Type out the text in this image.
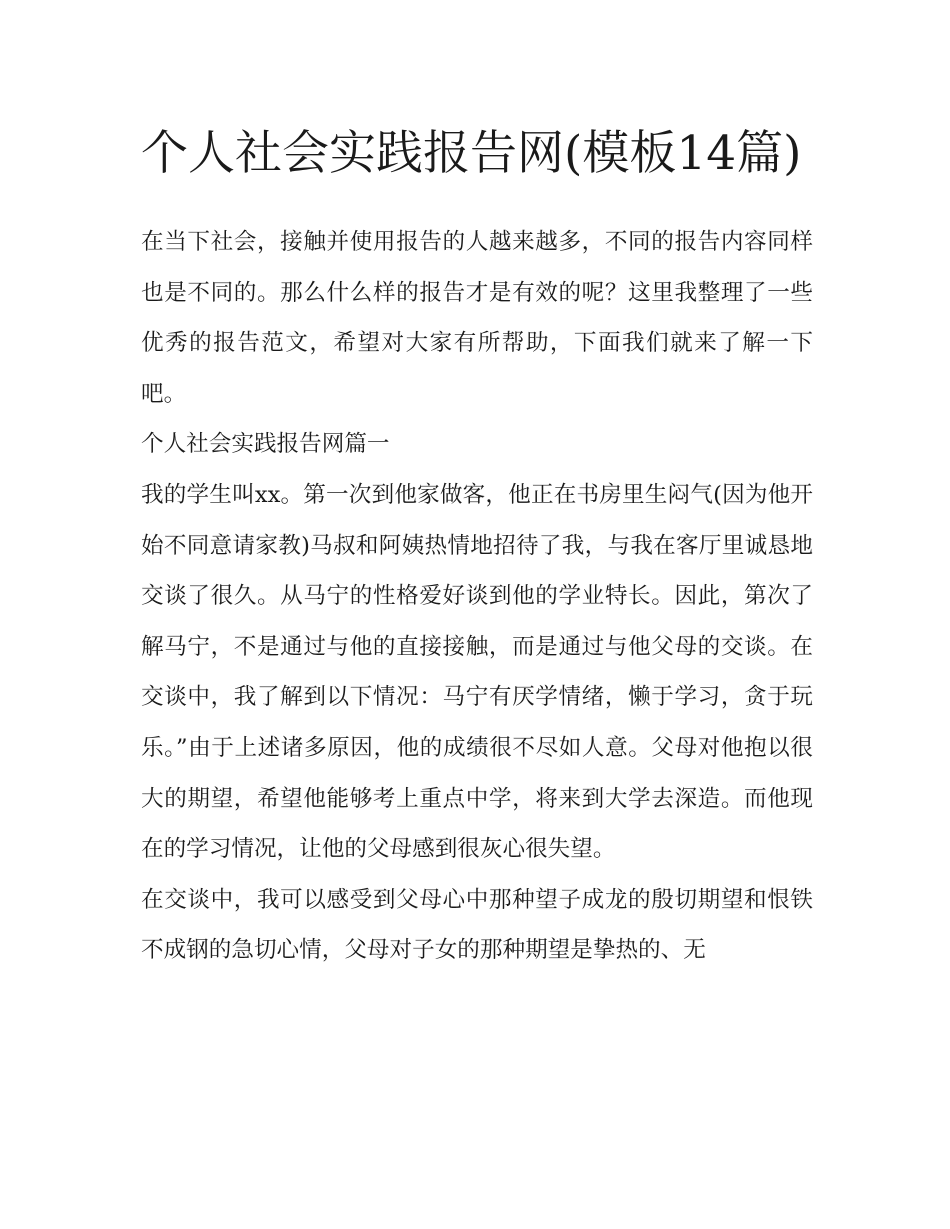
个人社会实践报告网(模板14篇)

在当下社会，接触并使用报告的人越来越多，不同的报告内容同样也是不同的。那么什么样的报告才是有效的呢？这里我整理了一些优秀的报告范文，希望对大家有所帮助，下面我们就来了解一下吧。

个人社会实践报告网篇一

我的学生叫xx。第一次到他家做客，他正在书房里生闷气(因为他开始不同意请家教)马叔和阿姨热情地招待了我，与我在客厅里诚恳地交谈了很久。从马宁的性格爱好谈到他的学业特长。因此，第次了解马宁，不是通过与他的直接接触，而是通过与他父母的交谈。在交谈中，我了解到以下情况：马宁有厌学情绪，懒于学习，贪于玩乐。”由于上述诸多原因，他的成绩很不尽如人意。父母对他抱以很大的期望，希望他能够考上重点中学，将来到大学去深造。而他现在的学习情况，让他的父母感到很灰心很失望。

在交谈中，我可以感受到父母心中那种望子成龙的殷切期望和恨铁不成钢的急切心情，父母对子女的那种期望是挚热的、无
